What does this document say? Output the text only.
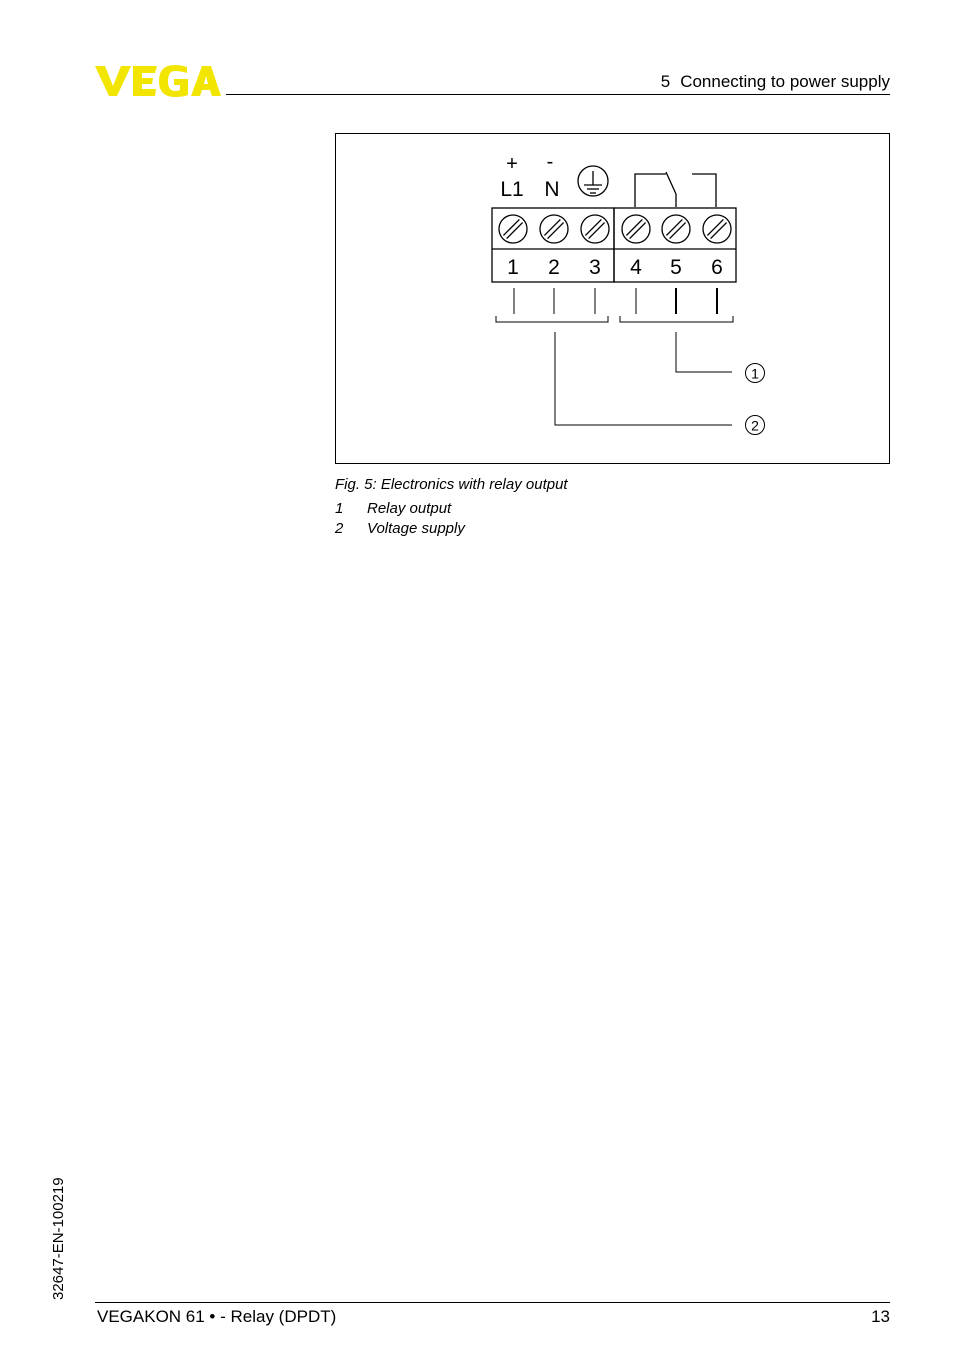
5 Connecting to power supply
+
L1
-
N
1 2 3 4 5 6
1
2
Fig. 5: Electronics with relay output
1 Relay output
2 Voltage supply
32647-EN-100219
VEGAKON 61 • - Relay (DPDT)	13
